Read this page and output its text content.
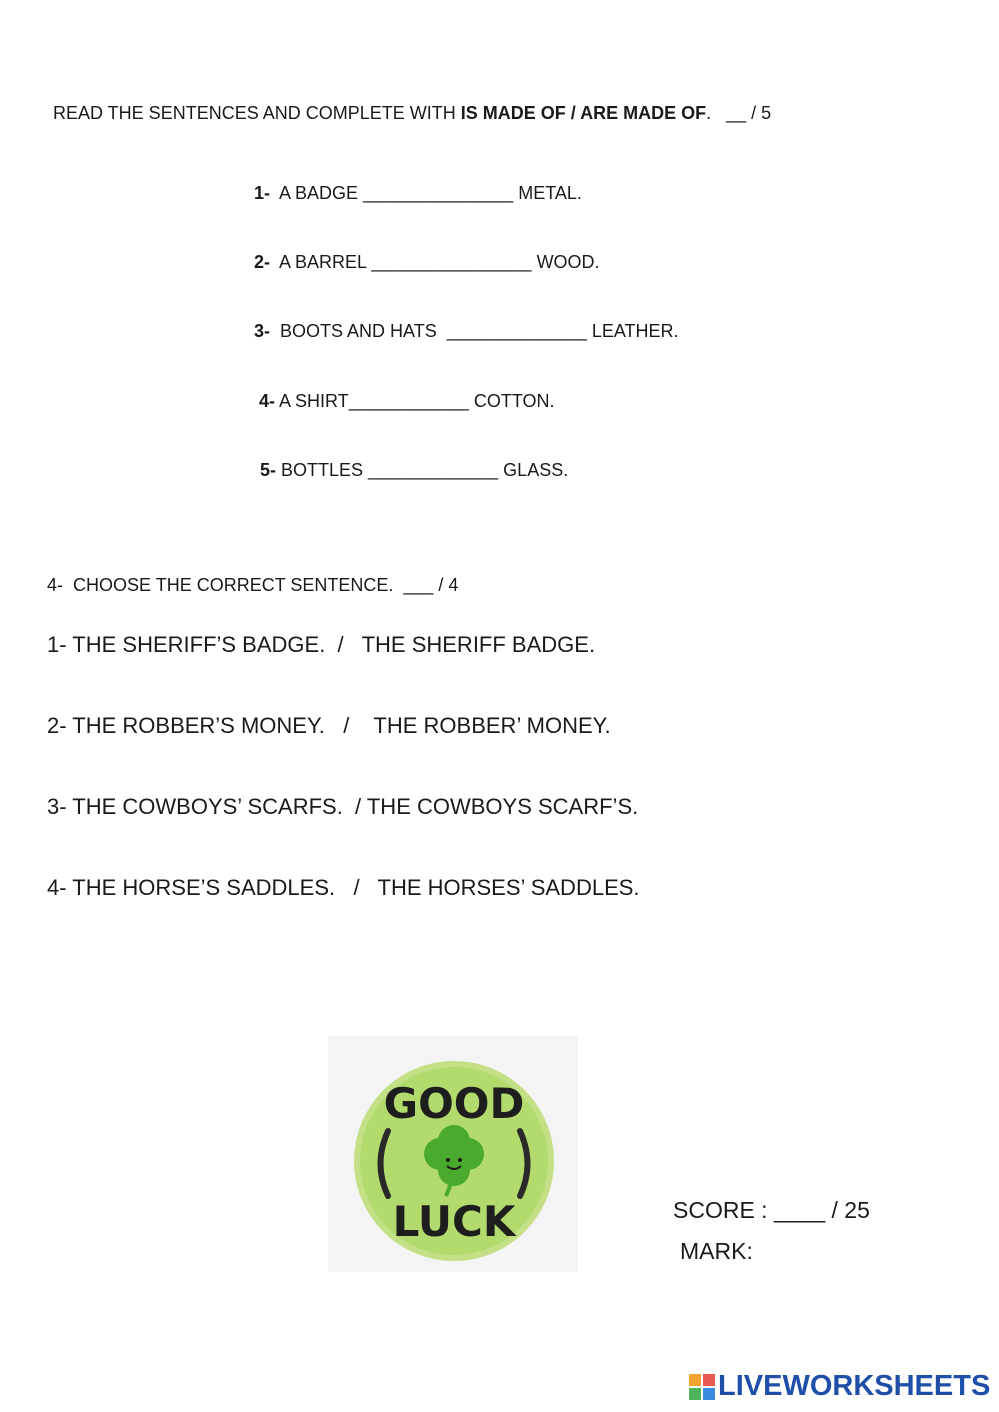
READ THE SENTENCES AND COMPLETE WITH IS MADE OF / ARE MADE OF.   __ / 5
1-  A BADGE _______________ METAL.
2-  A BARREL ________________ WOOD.
3-  BOOTS AND HATS  ______________ LEATHER.
4- A SHIRT____________ COTTON.
5- BOTTLES _____________ GLASS.
4-  CHOOSE THE CORRECT SENTENCE.  ___ / 4
1- THE SHERIFF’S BADGE.  /   THE SHERIFF BADGE.
2- THE ROBBER’S MONEY.   /    THE ROBBER’ MONEY.
3- THE COWBOYS’ SCARFS.  / THE COWBOYS SCARF’S.
4- THE HORSE’S SADDLES.   /   THE HORSES’ SADDLES.
GOOD
LUCK	SCORE : ____ / 25
MARK:
LIVEWORKSHEETS
